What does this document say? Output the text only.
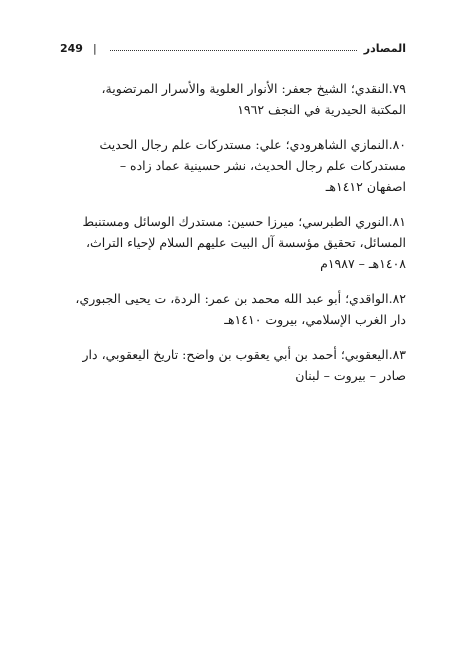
المصادر
|
249

٧٩.النقدي؛ الشيخ جعفر: الأنوار العلوية والأسرار المرتضوية،

المكتبة الحيدرية في النجف ١٩٦٢

٨٠.النمازي الشاهرودي؛ علي: مستدركات علم رجال الحديث

مستدركات علم رجال الحديث، نشر حسينية عماد زاده –

اصفهان ١٤١٢هـ

٨١.النوري الطبرسي؛ ميرزا حسين: مستدرك الوسائل ومستنبط

المسائل، تحقيق مؤسسة آل البيت عليهم السلام لإحياء التراث،

١٤٠٨هـ – ١٩٨٧م

٨٢.الواقدي؛ أبو عبد الله محمد بن عمر: الردة، ت يحيى الجبوري،

دار الغرب الإسلامي، بيروت ١٤١٠هـ

٨٣.اليعقوبي؛ أحمد بن أبي يعقوب بن واضح: تاريخ اليعقوبي، دار

صادر – بيروت – لبنان
